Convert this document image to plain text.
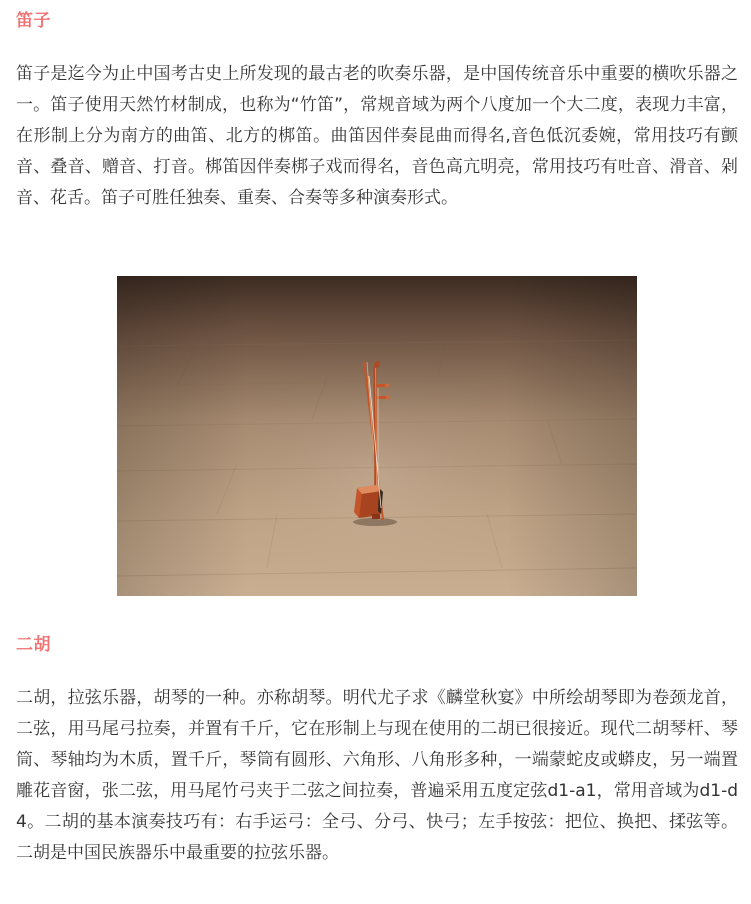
笛子

笛子是迄今为止中国考古史上所发现的最古老的吹奏乐器，是中国传统音乐中重要的横吹乐器之一。笛子使用天然竹材制成，也称为“竹笛”，常规音域为两个八度加一个大二度，表现力丰富，在形制上分为南方的曲笛、北方的梆笛。曲笛因伴奏昆曲而得名,音色低沉委婉，常用技巧有颤音、叠音、赠音、打音。梆笛因伴奏梆子戏而得名，音色高亢明亮，常用技巧有吐音、滑音、剁音、花舌。笛子可胜任独奏、重奏、合奏等多种演奏形式。

二胡

二胡，拉弦乐器，胡琴的一种。亦称胡琴。明代尤子求《麟堂秋宴》中所绘胡琴即为卷颈龙首，二弦，用马尾弓拉奏，并置有千斤，它在形制上与现在使用的二胡已很接近。现代二胡琴杆、琴筒、琴轴均为木质，置千斤，琴筒有圆形、六角形、八角形多种，一端蒙蛇皮或蟒皮，另一端置雕花音窗，张二弦，用马尾竹弓夹于二弦之间拉奏，普遍采用五度定弦d1-a1，常用音域为d1-d4。二胡的基本演奏技巧有：右手运弓：全弓、分弓、快弓；左手按弦：把位、换把、揉弦等。二胡是中国民族器乐中最重要的拉弦乐器。
